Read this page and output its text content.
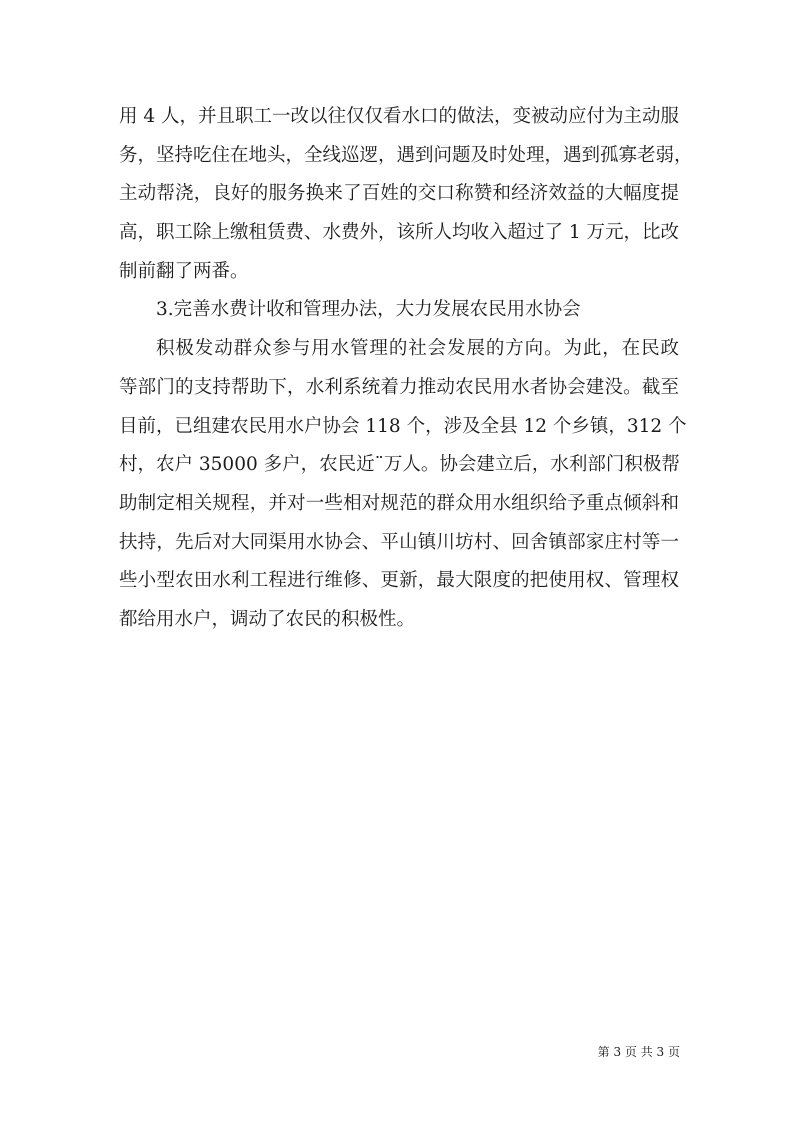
用 4 人，并且职工一改以往仅仅看水口的做法，变被动应付为主动服
务，坚持吃住在地头，全线巡逻，遇到问题及时处理，遇到孤寡老弱，
主动帮浇，良好的服务换来了百姓的交口称赞和经济效益的大幅度提
高，职工除上缴租赁费、水费外，该所人均收入超过了 1 万元，比改
制前翻了两番。
3.完善水费计收和管理办法，大力发展农民用水协会
积极发动群众参与用水管理的社会发展的方向。为此，在民政
等部门的支持帮助下，水利系统着力推动农民用水者协会建没。截至
目前，已组建农民用水户协会 118 个，涉及全县 12 个乡镇，312 个
村，农户 35000 多户，农民近¨万人。协会建立后，水利部门积极帮
助制定相关规程，并对一些相对规范的群众用水组织给予重点倾斜和
扶持，先后对大同渠用水协会、平山镇川坊村、回舍镇部家庄村等一
些小型农田水利工程进行维修、更新，最大限度的把使用权、管理权
都给用水户，调动了农民的积极性。
第 3 页 共 3 页
